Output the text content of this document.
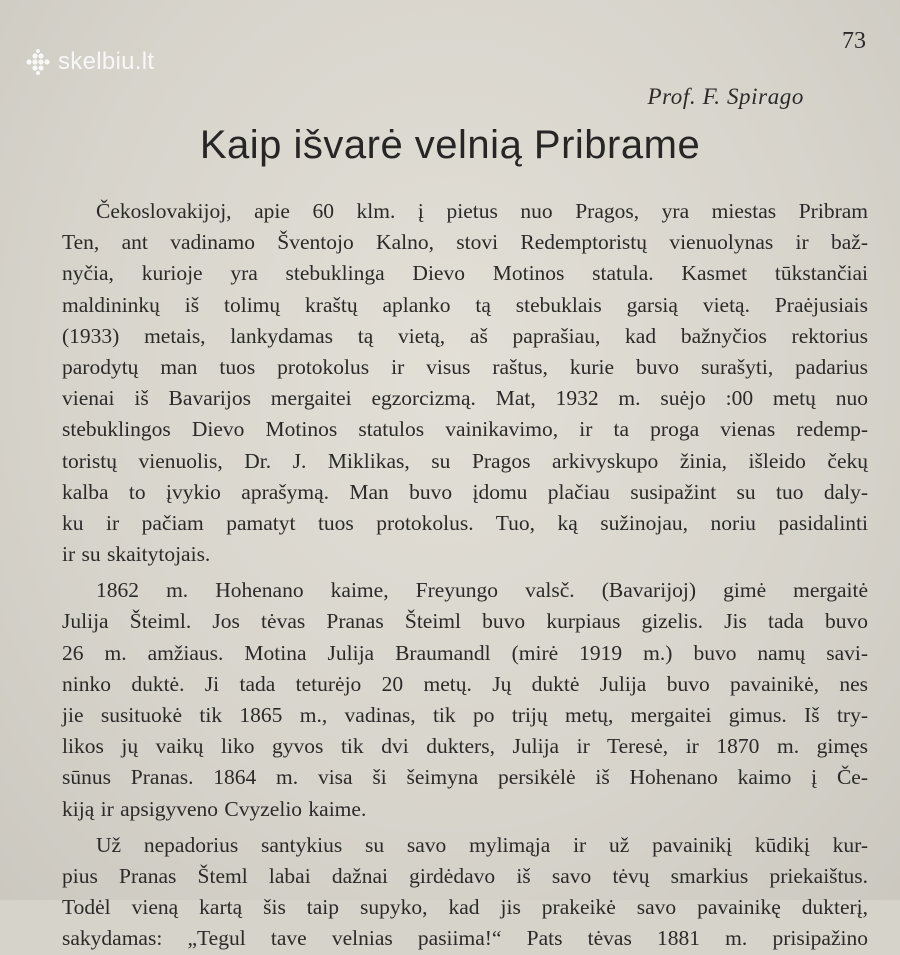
skelbiu.lt
73
Prof. F. Spirago
Kaip išvarė velnią Pribrame

Čekoslovakijoj, apie 60 klm. į pietus nuo Pragos, yra miestas Pribram
Ten, ant vadinamo Šventojo Kalno, stovi Redemptoristų vienuolynas ir baž-
nyčia, kurioje yra stebuklinga Dievo Motinos statula. Kasmet tūkstančiai
maldininkų iš tolimų kraštų aplanko tą stebuklais garsią vietą. Praėjusiais
(1933) metais, lankydamas tą vietą, aš paprašiau, kad bažnyčios rektorius
parodytų man tuos protokolus ir visus raštus, kurie buvo surašyti, padarius
vienai iš Bavarijos mergaitei egzorcizmą. Mat, 1932 m. suėjo :00 metų nuo
stebuklingos Dievo Motinos statulos vainikavimo, ir ta proga vienas redemp-
toristų vienuolis, Dr. J. Miklikas, su Pragos arkivyskupo žinia, išleido čekų
kalba to įvykio aprašymą. Man buvo įdomu plačiau susipažint su tuo daly-
ku ir pačiam pamatyt tuos protokolus. Tuo, ką sužinojau, noriu pasidalinti
ir su skaitytojais.

1862 m. Hohenano kaime, Freyungo valsč. (Bavarijoj) gimė mergaitė
Julija Šteiml. Jos tėvas Pranas Šteiml buvo kurpiaus gizelis. Jis tada buvo
26 m. amžiaus. Motina Julija Braumandl (mirė 1919 m.) buvo namų savi-
ninko duktė. Ji tada teturėjo 20 metų. Jų duktė Julija buvo pavainikė, nes
jie susituokė tik 1865 m., vadinas, tik po trijų metų, mergaitei gimus. Iš try-
likos jų vaikų liko gyvos tik dvi dukters, Julija ir Teresė, ir 1870 m. gimęs
sūnus Pranas. 1864 m. visa ši šeimyna persikėlė iš Hohenano kaimo į Če-
kiją ir apsigyveno Cvyzelio kaime.

Už nepadorius santykius su savo mylimąja ir už pavainikį kūdikį kur-
pius Pranas Šteml labai dažnai girdėdavo iš savo tėvų smarkius priekaištus.
Todėl vieną kartą šis taip supyko, kad jis prakeikė savo pavainikę dukterį,
sakydamas: „Tegul tave velnias pasiima!“ Pats tėvas 1881 m. prisipažino
